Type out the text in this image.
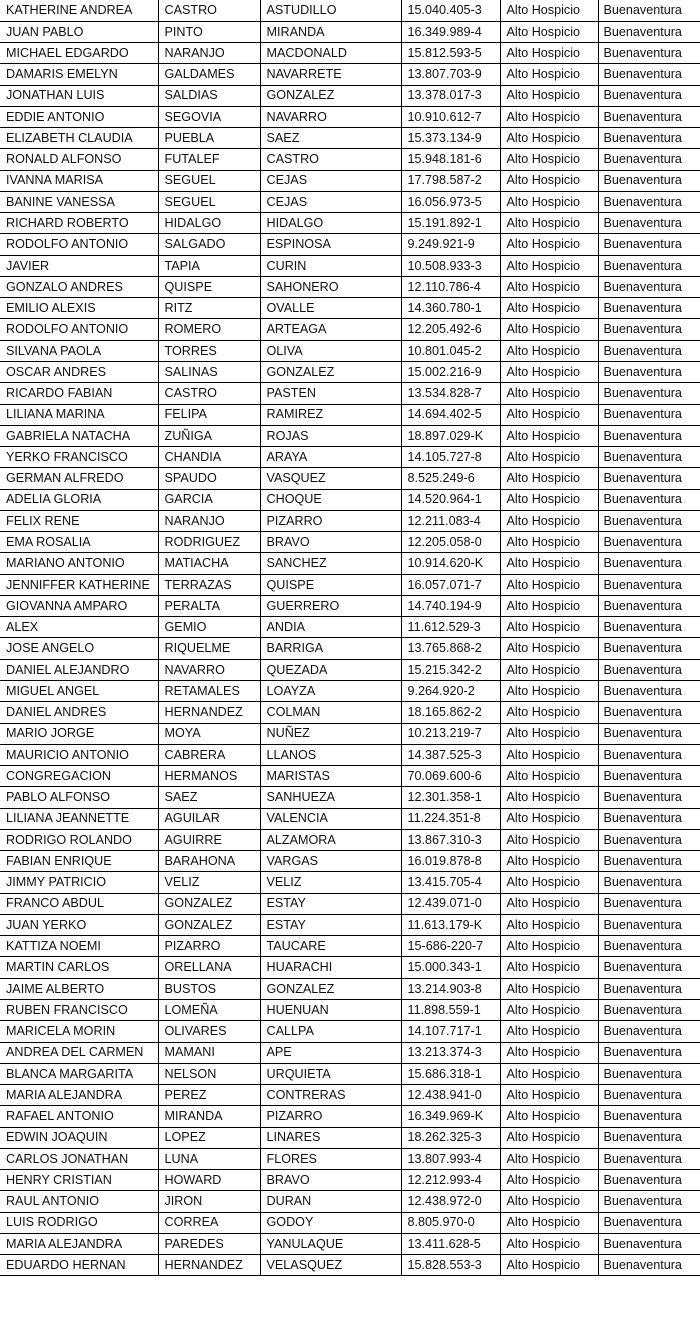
KATHERINE ANDREA	CASTRO	ASTUDILLO	15.040.405-3	Alto Hospicio	Buenaventura
JUAN PABLO	PINTO	MIRANDA	16.349.989-4	Alto Hospicio	Buenaventura
MICHAEL EDGARDO	NARANJO	MACDONALD	15.812.593-5	Alto Hospicio	Buenaventura
DAMARIS EMELYN	GALDAMES	NAVARRETE	13.807.703-9	Alto Hospicio	Buenaventura
JONATHAN LUIS	SALDIAS	GONZALEZ	13.378.017-3	Alto Hospicio	Buenaventura
EDDIE ANTONIO	SEGOVIA	NAVARRO	10.910.612-7	Alto Hospicio	Buenaventura
ELIZABETH CLAUDIA	PUEBLA	SAEZ	15.373.134-9	Alto Hospicio	Buenaventura
RONALD ALFONSO	FUTALEF	CASTRO	15.948.181-6	Alto Hospicio	Buenaventura
IVANNA MARISA	SEGUEL	CEJAS	17.798.587-2	Alto Hospicio	Buenaventura
BANINE VANESSA	SEGUEL	CEJAS	16.056.973-5	Alto Hospicio	Buenaventura
RICHARD ROBERTO	HIDALGO	HIDALGO	15.191.892-1	Alto Hospicio	Buenaventura
RODOLFO ANTONIO	SALGADO	ESPINOSA	9.249.921-9	Alto Hospicio	Buenaventura
JAVIER	TAPIA	CURIN	10.508.933-3	Alto Hospicio	Buenaventura
GONZALO ANDRES	QUISPE	SAHONERO	12.110.786-4	Alto Hospicio	Buenaventura
EMILIO ALEXIS	RITZ	OVALLE	14.360.780-1	Alto Hospicio	Buenaventura
RODOLFO ANTONIO	ROMERO	ARTEAGA	12.205.492-6	Alto Hospicio	Buenaventura
SILVANA PAOLA	TORRES	OLIVA	10.801.045-2	Alto Hospicio	Buenaventura
OSCAR ANDRES	SALINAS	GONZALEZ	15.002.216-9	Alto Hospicio	Buenaventura
RICARDO FABIAN	CASTRO	PASTEN	13.534.828-7	Alto Hospicio	Buenaventura
LILIANA MARINA	FELIPA	RAMIREZ	14.694.402-5	Alto Hospicio	Buenaventura
GABRIELA NATACHA	ZUÑIGA	ROJAS	18.897.029-K	Alto Hospicio	Buenaventura
YERKO FRANCISCO	CHANDIA	ARAYA	14.105.727-8	Alto Hospicio	Buenaventura
GERMAN ALFREDO	SPAUDO	VASQUEZ	8.525.249-6	Alto Hospicio	Buenaventura
ADELIA GLORIA	GARCIA	CHOQUE	14.520.964-1	Alto Hospicio	Buenaventura
FELIX RENE	NARANJO	PIZARRO	12.211.083-4	Alto Hospicio	Buenaventura
EMA ROSALIA	RODRIGUEZ	BRAVO	12.205.058-0	Alto Hospicio	Buenaventura
MARIANO ANTONIO	MATIACHA	SANCHEZ	10.914.620-K	Alto Hospicio	Buenaventura
JENNIFFER KATHERINE	TERRAZAS	QUISPE	16.057.071-7	Alto Hospicio	Buenaventura
GIOVANNA AMPARO	PERALTA	GUERRERO	14.740.194-9	Alto Hospicio	Buenaventura
ALEX	GEMIO	ANDIA	11.612.529-3	Alto Hospicio	Buenaventura
JOSE ANGELO	RIQUELME	BARRIGA	13.765.868-2	Alto Hospicio	Buenaventura
DANIEL ALEJANDRO	NAVARRO	QUEZADA	15.215.342-2	Alto Hospicio	Buenaventura
MIGUEL ANGEL	RETAMALES	LOAYZA	9.264.920-2	Alto Hospicio	Buenaventura
DANIEL ANDRES	HERNANDEZ	COLMAN	18.165.862-2	Alto Hospicio	Buenaventura
MARIO JORGE	MOYA	NUÑEZ	10.213.219-7	Alto Hospicio	Buenaventura
MAURICIO ANTONIO	CABRERA	LLANOS	14.387.525-3	Alto Hospicio	Buenaventura
CONGREGACION	HERMANOS	MARISTAS	70.069.600-6	Alto Hospicio	Buenaventura
PABLO ALFONSO	SAEZ	SANHUEZA	12.301.358-1	Alto Hospicio	Buenaventura
LILIANA JEANNETTE	AGUILAR	VALENCIA	11.224.351-8	Alto Hospicio	Buenaventura
RODRIGO ROLANDO	AGUIRRE	ALZAMORA	13.867.310-3	Alto Hospicio	Buenaventura
FABIAN ENRIQUE	BARAHONA	VARGAS	16.019.878-8	Alto Hospicio	Buenaventura
JIMMY PATRICIO	VELIZ	VELIZ	13.415.705-4	Alto Hospicio	Buenaventura
FRANCO ABDUL	GONZALEZ	ESTAY	12.439.071-0	Alto Hospicio	Buenaventura
JUAN YERKO	GONZALEZ	ESTAY	11.613.179-K	Alto Hospicio	Buenaventura
KATTIZA NOEMI	PIZARRO	TAUCARE	15-686-220-7	Alto Hospicio	Buenaventura
MARTIN CARLOS	ORELLANA	HUARACHI	15.000.343-1	Alto Hospicio	Buenaventura
JAIME ALBERTO	BUSTOS	GONZALEZ	13.214.903-8	Alto Hospicio	Buenaventura
RUBEN FRANCISCO	LOMEÑA	HUENUAN	11.898.559-1	Alto Hospicio	Buenaventura
MARICELA MORIN	OLIVARES	CALLPA	14.107.717-1	Alto Hospicio	Buenaventura
ANDREA DEL CARMEN	MAMANI	APE	13.213.374-3	Alto Hospicio	Buenaventura
BLANCA MARGARITA	NELSON	URQUIETA	15.686.318-1	Alto Hospicio	Buenaventura
MARIA ALEJANDRA	PEREZ	CONTRERAS	12.438.941-0	Alto Hospicio	Buenaventura
RAFAEL ANTONIO	MIRANDA	PIZARRO	16.349.969-K	Alto Hospicio	Buenaventura
EDWIN JOAQUIN	LOPEZ	LINARES	18.262.325-3	Alto Hospicio	Buenaventura
CARLOS JONATHAN	LUNA	FLORES	13.807.993-4	Alto Hospicio	Buenaventura
HENRY CRISTIAN	HOWARD	BRAVO	12.212.993-4	Alto Hospicio	Buenaventura
RAUL ANTONIO	JIRON	DURAN	12.438.972-0	Alto Hospicio	Buenaventura
LUIS RODRIGO	CORREA	GODOY	8.805.970-0	Alto Hospicio	Buenaventura
MARIA ALEJANDRA	PAREDES	YANULAQUE	13.411.628-5	Alto Hospicio	Buenaventura
EDUARDO HERNAN	HERNANDEZ	VELASQUEZ	15.828.553-3	Alto Hospicio	Buenaventura
